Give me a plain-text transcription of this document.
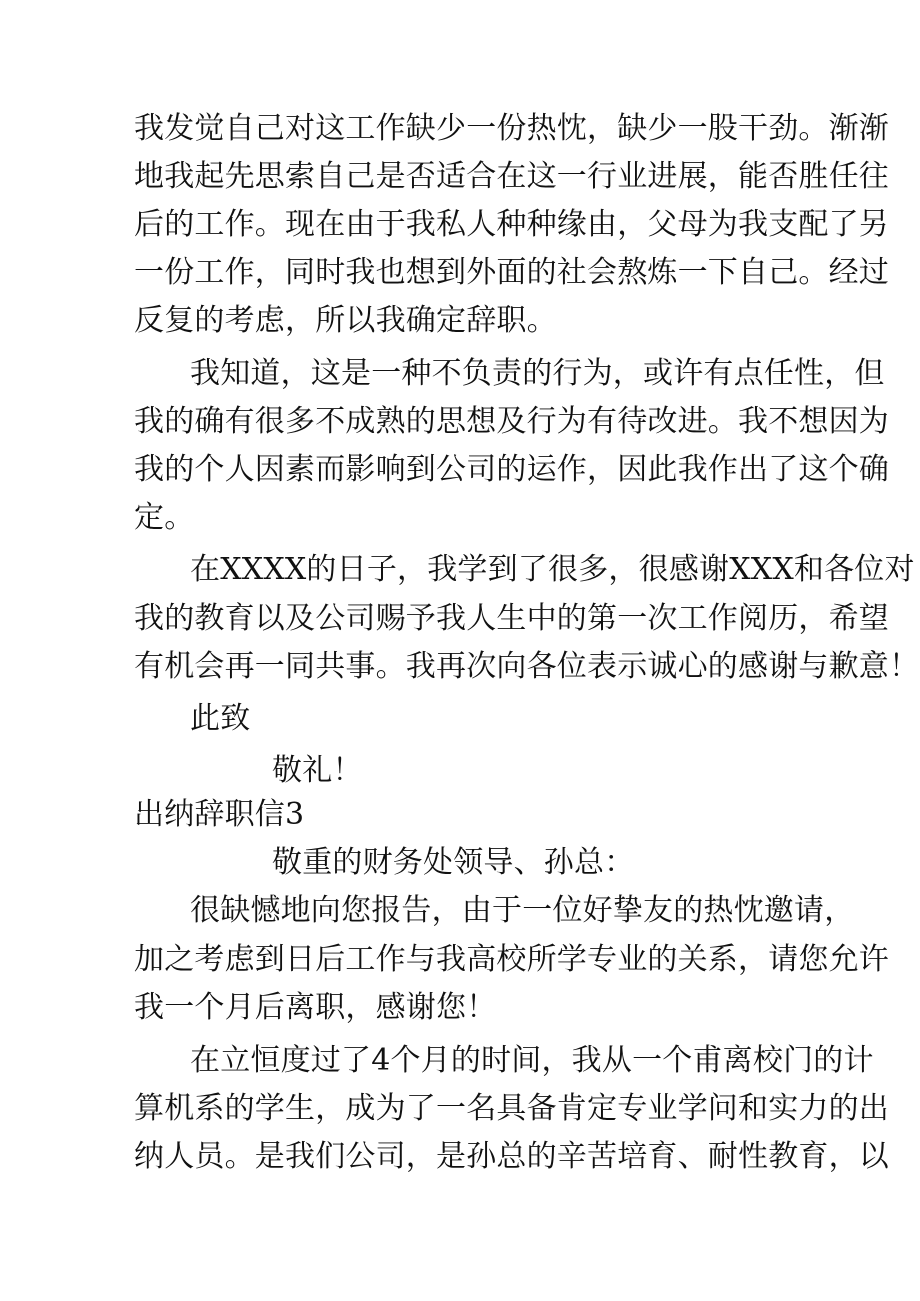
我发觉自己对这工作缺少一份热忱，缺少一股干劲。渐渐

地我起先思索自己是否适合在这一行业进展，能否胜任往

后的工作。现在由于我私人种种缘由，父母为我支配了另

一份工作，同时我也想到外面的社会熬炼一下自己。经过

反复的考虑，所以我确定辞职。

我知道，这是一种不负责的行为，或许有点任性，但

我的确有很多不成熟的思想及行为有待改进。我不想因为

我的个人因素而影响到公司的运作，因此我作出了这个确

定。

在XXXX的日子，我学到了很多，很感谢XXX和各位对

我的教育以及公司赐予我人生中的第一次工作阅历，希望

有机会再一同共事。我再次向各位表示诚心的感谢与歉意！

此致

敬礼！

出纳辞职信3

敬重的财务处领导、孙总：

很缺憾地向您报告，由于一位好挚友的热忱邀请，

加之考虑到日后工作与我高校所学专业的关系，请您允许

我一个月后离职，感谢您！

在立恒度过了4个月的时间，我从一个甫离校门的计

算机系的学生，成为了一名具备肯定专业学问和实力的出

纳人员。是我们公司，是孙总的辛苦培育、耐性教育，以
